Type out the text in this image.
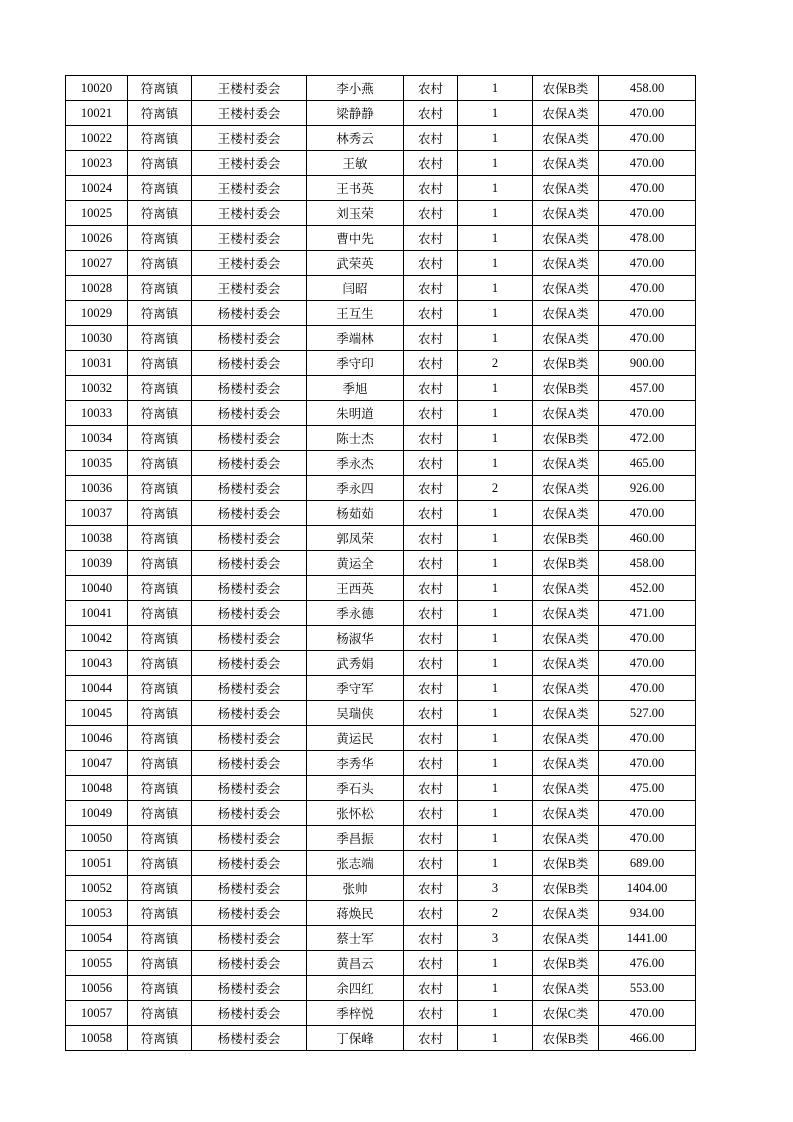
10020	符离镇	王楼村委会	李小燕	农村	1	农保B类	458.00
10021	符离镇	王楼村委会	梁静静	农村	1	农保A类	470.00
10022	符离镇	王楼村委会	林秀云	农村	1	农保A类	470.00
10023	符离镇	王楼村委会	王敏	农村	1	农保A类	470.00
10024	符离镇	王楼村委会	王书英	农村	1	农保A类	470.00
10025	符离镇	王楼村委会	刘玉荣	农村	1	农保A类	470.00
10026	符离镇	王楼村委会	曹中先	农村	1	农保A类	478.00
10027	符离镇	王楼村委会	武荣英	农村	1	农保A类	470.00
10028	符离镇	王楼村委会	闫昭	农村	1	农保A类	470.00
10029	符离镇	杨楼村委会	王互生	农村	1	农保A类	470.00
10030	符离镇	杨楼村委会	季端林	农村	1	农保A类	470.00
10031	符离镇	杨楼村委会	季守印	农村	2	农保B类	900.00
10032	符离镇	杨楼村委会	季旭	农村	1	农保B类	457.00
10033	符离镇	杨楼村委会	朱明道	农村	1	农保A类	470.00
10034	符离镇	杨楼村委会	陈士杰	农村	1	农保B类	472.00
10035	符离镇	杨楼村委会	季永杰	农村	1	农保A类	465.00
10036	符离镇	杨楼村委会	季永四	农村	2	农保A类	926.00
10037	符离镇	杨楼村委会	杨茹茹	农村	1	农保A类	470.00
10038	符离镇	杨楼村委会	郭凤荣	农村	1	农保B类	460.00
10039	符离镇	杨楼村委会	黄运全	农村	1	农保B类	458.00
10040	符离镇	杨楼村委会	王西英	农村	1	农保A类	452.00
10041	符离镇	杨楼村委会	季永德	农村	1	农保A类	471.00
10042	符离镇	杨楼村委会	杨淑华	农村	1	农保A类	470.00
10043	符离镇	杨楼村委会	武秀娟	农村	1	农保A类	470.00
10044	符离镇	杨楼村委会	季守军	农村	1	农保A类	470.00
10045	符离镇	杨楼村委会	吴瑞侠	农村	1	农保A类	527.00
10046	符离镇	杨楼村委会	黄运民	农村	1	农保A类	470.00
10047	符离镇	杨楼村委会	李秀华	农村	1	农保A类	470.00
10048	符离镇	杨楼村委会	季石头	农村	1	农保A类	475.00
10049	符离镇	杨楼村委会	张怀松	农村	1	农保A类	470.00
10050	符离镇	杨楼村委会	季昌振	农村	1	农保A类	470.00
10051	符离镇	杨楼村委会	张志端	农村	1	农保B类	689.00
10052	符离镇	杨楼村委会	张帅	农村	3	农保B类	1404.00
10053	符离镇	杨楼村委会	蒋焕民	农村	2	农保A类	934.00
10054	符离镇	杨楼村委会	蔡士军	农村	3	农保A类	1441.00
10055	符离镇	杨楼村委会	黄昌云	农村	1	农保B类	476.00
10056	符离镇	杨楼村委会	余四红	农村	1	农保A类	553.00
10057	符离镇	杨楼村委会	季梓悦	农村	1	农保C类	470.00
10058	符离镇	杨楼村委会	丁保峰	农村	1	农保B类	466.00
